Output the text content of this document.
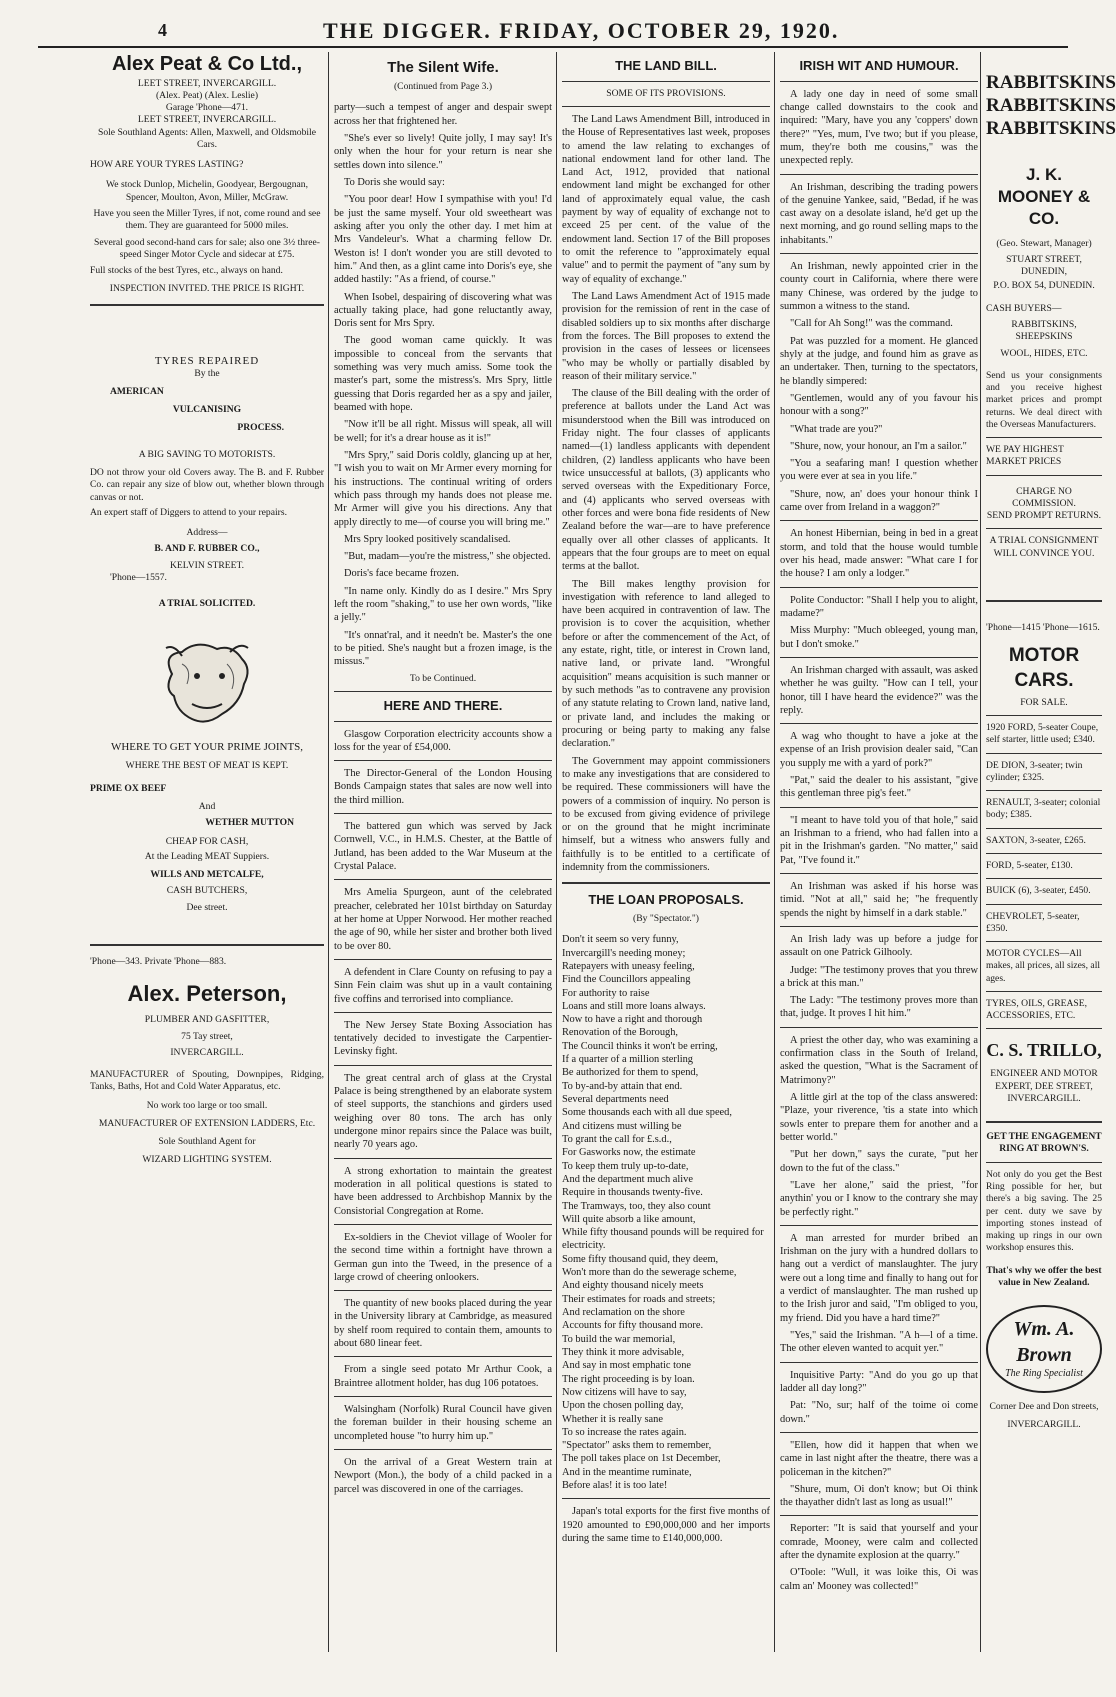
4	THE DIGGER. FRIDAY, OCTOBER 29, 1920.
Alex Peat & Co Ltd.,
LEET STREET, INVERCARGILL.
(Alex. Peat) (Alex. Leslie)
Garage 'Phone—471.
LEET STREET, INVERCARGILL.
Sole Southland Agents: Allen, Maxwell, and Oldsmobile Cars.
HOW ARE YOUR TYRES LASTING?
We stock Dunlop, Michelin, Goodyear, Bergougnan, Spencer, Moulton, Avon, Miller, McGraw.
Have you seen the Miller Tyres, if not, come round and see them. They are guaranteed for 5000 miles.
Several good second-hand cars for sale; also one 3½ three-speed Singer Motor Cycle and sidecar at £75.
Full stocks of the best Tyres, etc., always on hand.
INSPECTION INVITED. THE PRICE IS RIGHT.
TYRES REPAIRED
By the
AMERICAN
VULCANISING
PROCESS.
A BIG SAVING TO MOTORISTS.
DO not throw your old Covers away. The B. and F. Rubber Co. can repair any size of blow out, whether blown through canvas or not.
An expert staff of Diggers to attend to your repairs.
Address—
B. AND F. RUBBER CO.,
KELVIN STREET.
'Phone—1557.
A TRIAL SOLICITED.
WHERE TO GET YOUR PRIME JOINTS,
WHERE THE BEST OF MEAT IS KEPT.
PRIME OX BEEF
And
WETHER MUTTON
CHEAP FOR CASH,
At the Leading MEAT Suppiers.
WILLS AND METCALFE,
CASH BUTCHERS,
Dee street.
'Phone—343. Private 'Phone—883.
Alex. Peterson,
PLUMBER AND GASFITTER,
75 Tay street,
INVERCARGILL.
MANUFACTURER of Spouting, Downpipes, Ridging, Tanks, Baths, Hot and Cold Water Apparatus, etc.
No work too large or too small.
MANUFACTURER OF EXTENSION LADDERS, Etc.
Sole Southland Agent for
WIZARD LIGHTING SYSTEM.
The Silent Wife.
(Continued from Page 3.)

party—such a tempest of anger and despair swept across her that frightened her.

"She's ever so lively! Quite jolly, I may say! It's only when the hour for your return is near she settles down into silence."

To Doris she would say:

"You poor dear! How I sympathise with you! I'd be just the same myself. Your old sweetheart was asking after you only the other day. I met him at Mrs Vandeleur's. What a charming fellow Dr. Weston is! I don't wonder you are still devoted to him." And then, as a glint came into Doris's eye, she added hastily: "As a friend, of course."

When Isobel, despairing of discovering what was actually taking place, had gone reluctantly away, Doris sent for Mrs Spry.

The good woman came quickly. It was impossible to conceal from the servants that something was very much amiss. Some took the master's part, some the mistress's. Mrs Spry, little guessing that Doris regarded her as a spy and jailer, beamed with hope.

"Now it'll be all right. Missus will speak, all will be well; for it's a drear house as it is!"

"Mrs Spry," said Doris coldly, glancing up at her, "I wish you to wait on Mr Armer every morning for his instructions. The continual writing of orders which pass through my hands does not please me. Mr Armer will give you his directions. Any that apply directly to me—of course you will bring me."

Mrs Spry looked positively scandalised.

"But, madam—you're the mistress," she objected.

Doris's face became frozen.

"In name only. Kindly do as I desire." Mrs Spry left the room "shaking," to use her own words, "like a jelly."

"It's onnat'ral, and it needn't be. Master's the one to be pitied. She's naught but a frozen image, is the missus."

To be Continued.
HERE AND THERE.

Glasgow Corporation electricity accounts show a loss for the year of £54,000.

The Director-General of the London Housing Bonds Campaign states that sales are now well into the third million.

The battered gun which was served by Jack Cornwell, V.C., in H.M.S. Chester, at the Battle of Jutland, has been added to the War Museum at the Crystal Palace.

Mrs Amelia Spurgeon, aunt of the celebrated preacher, celebrated her 101st birthday on Saturday at her home at Upper Norwood. Her mother reached the age of 90, while her sister and brother both lived to be over 80.

A defendent in Clare County on refusing to pay a Sinn Fein claim was shut up in a vault containing five coffins and terrorised into compliance.

The New Jersey State Boxing Association has tentatively decided to investigate the Carpentier-Levinsky fight.

The great central arch of glass at the Crystal Palace is being strengthened by an elaborate system of steel supports, the stanchions and girders used weighing over 80 tons. The arch has only undergone minor repairs since the Palace was built, nearly 70 years ago.

A strong exhortation to maintain the greatest moderation in all political questions is stated to have been addressed to Archbishop Mannix by the Consistorial Congregation at Rome.

Ex-soldiers in the Cheviot village of Wooler for the second time within a fortnight have thrown a German gun into the Tweed, in the presence of a large crowd of cheering onlookers.

The quantity of new books placed during the year in the University library at Cambridge, as measured by shelf room required to contain them, amounts to about 680 linear feet.

From a single seed potato Mr Arthur Cook, a Braintree allotment holder, has dug 106 potatoes.

Walsingham (Norfolk) Rural Council have given the foreman builder in their housing scheme an uncompleted house "to hurry him up."

On the arrival of a Great Western train at Newport (Mon.), the body of a child packed in a parcel was discovered in one of the carriages.

THE LAND BILL.
SOME OF ITS PROVISIONS.

The Land Laws Amendment Bill, introduced in the House of Representatives last week, proposes to amend the law relating to exchanges of national endowment land for other land. The Land Act, 1912, provided that national endowment land might be exchanged for other land of approximately equal value, the cash payment by way of equality of exchange not to exceed 25 per cent. of the value of the endowment land. Section 17 of the Bill proposes to omit the reference to "approximately equal value" and to permit the payment of "any sum by way of equality of exchange."

The Land Laws Amendment Act of 1915 made provision for the remission of rent in the case of disabled soldiers up to six months after discharge from the forces. The Bill proposes to extend the provision in the cases of lessees or licensees "who may be wholly or partially disabled by reason of their military service."

The clause of the Bill dealing with the order of preference at ballots under the Land Act was misunderstood when the Bill was introduced on Friday night. The four classes of applicants named—(1) landless applicants with dependent children, (2) landless applicants who have been twice unsuccessful at ballots, (3) applicants who served overseas with the Expeditionary Force, and (4) applicants who served overseas with other forces and were bona fide residents of New Zealand before the war—are to have preference equally over all other classes of applicants. It appears that the four groups are to meet on equal terms at the ballot.

The Bill makes lengthy provision for investigation with reference to land alleged to have been acquired in contravention of law. The provision is to cover the acquisition, whether before or after the commencement of the Act, of any estate, right, title, or interest in Crown land, native land, or private land. "Wrongful acquisition" means acquisition is such manner or by such methods "as to contravene any provision of any statute relating to Crown land, native land, or private land, and includes the making or procuring or being party to making any false declaration."

The Government may appoint commissioners to make any investigations that are considered to be required. These commissioners will have the powers of a commission of inquiry. No person is to be excused from giving evidence of privilege or on the ground that he might incriminate himself, but a witness who answers fully and faithfully is to be entitled to a certificate of indemnity from the commissioners.

THE LOAN PROPOSALS.
(By "Spectator.")

Don't it seem so very funny,

Invercargill's needing money;

Ratepayers with uneasy feeling,

Find the Councillors appealing

For authority to raise

Loans and still more loans always.

Now to have a right and thorough

Renovation of the Borough,

The Council thinks it won't be erring,

If a quarter of a million sterling

Be authorized for them to spend,

To by-and-by attain that end.

Several departments need

Some thousands each with all due speed,

And citizens must willing be

To grant the call for £.s.d.,

For Gasworks now, the estimate

To keep them truly up-to-date,

And the department much alive

Require in thousands twenty-five.

The Tramways, too, they also count

Will quite absorb a like amount,

While fifty thousand pounds will be required for electricity.

Some fifty thousand quid, they deem,

Won't more than do the sewerage scheme,

And eighty thousand nicely meets

Their estimates for roads and streets;

And reclamation on the shore

Accounts for fifty thousand more.

To build the war memorial,

They think it more advisable,

And say in most emphatic tone

The right proceeding is by loan.

Now citizens will have to say,

Upon the chosen polling day,

Whether it is really sane

To so increase the rates again.

"Spectator" asks them to remember,

The poll takes place on 1st December,

And in the meantime ruminate,

Before alas! it is too late!

Japan's total exports for the first five months of 1920 amounted to £90,000,000 and her imports during the same time to £140,000,000.

IRISH WIT AND HUMOUR.

A lady one day in need of some small change called downstairs to the cook and inquired: "Mary, have you any 'coppers' down there?" "Yes, mum, I've two; but if you please, mum, they're both me cousins," was the unexpected reply.

An Irishman, describing the trading powers of the genuine Yankee, said, "Bedad, if he was cast away on a desolate island, he'd get up the next morning, and go round selling maps to the inhabitants."

An Irishman, newly appointed crier in the county court in California, where there were many Chinese, was ordered by the judge to summon a witness to the stand.

"Call for Ah Song!" was the command.

Pat was puzzled for a moment. He glanced shyly at the judge, and found him as grave as an undertaker. Then, turning to the spectators, he blandly simpered:

"Gentlemen, would any of you favour his honour with a song?"

"What trade are you?"

"Shure, now, your honour, an I'm a sailor."

"You a seafaring man! I question whether you were ever at sea in you life."

"Shure, now, an' does your honour think I came over from Ireland in a waggon?"

An honest Hibernian, being in bed in a great storm, and told that the house would tumble over his head, made answer: "What care I for the house? I am only a lodger."

Polite Conductor: "Shall I help you to alight, madame?"

Miss Murphy: "Much obleeged, young man, but I don't smoke."

An Irishman charged with assault, was asked whether he was guilty. "How can I tell, your honor, till I have heard the evidence?" was the reply.

A wag who thought to have a joke at the expense of an Irish provision dealer said, "Can you supply me with a yard of pork?"

"Pat," said the dealer to his assistant, "give this gentleman three pig's feet."

"I meant to have told you of that hole," said an Irishman to a friend, who had fallen into a pit in the Irishman's garden. "No matter," said Pat, "I've found it."

An Irishman was asked if his horse was timid. "Not at all," said he; "he frequently spends the night by himself in a dark stable."

An Irish lady was up before a judge for assault on one Patrick Gilhooly.

Judge: "The testimony proves that you threw a brick at this man."

The Lady: "The testimony proves more than that, judge. It proves I hit him."

A priest the other day, who was examining a confirmation class in the South of Ireland, asked the question, "What is the Sacrament of Matrimony?"

A little girl at the top of the class answered: "Plaze, your riverence, 'tis a state into which sowls enter to prepare them for another and a better world."

"Put her down," says the curate, "put her down to the fut of the class."

"Lave her alone," said the priest, "for anythin' you or I know to the contrary she may be perfectly right."

A man arrested for murder bribed an Irishman on the jury with a hundred dollars to hang out a verdict of manslaughter. The jury were out a long time and finally to hang out for a verdict of manslaughter. The man rushed up to the Irish juror and said, "I'm obliged to you, my friend. Did you have a hard time?"

"Yes," said the Irishman. "A h—l of a time. The other eleven wanted to acquit yer."

Inquisitive Party: "And do you go up that ladder all day long?"

Pat: "No, sur; half of the toime oi come down."

"Ellen, how did it happen that when we came in last night after the theatre, there was a policeman in the kitchen?"

"Shure, mum, Oi don't know; but Oi think the thayather didn't last as long as usual!"

Reporter: "It is said that yourself and your comrade, Mooney, were calm and collected after the dynamite explosion at the quarry."

O'Toole: "Wull, it was loike this, Oi was calm an' Mooney was collected!"

RABBITSKINS
RABBITSKINS
RABBITSKINS
J. K. MOONEY & CO.
(Geo. Stewart, Manager)
STUART STREET, DUNEDIN,
P.O. BOX 54, DUNEDIN.
CASH BUYERS—
RABBITSKINS, SHEEPSKINS
WOOL, HIDES, ETC.
Send us your consignments and you receive highest market prices and prompt returns. We deal direct with the Overseas Manufacturers.
WE PAY HIGHEST MARKET PRICES
CHARGE NO COMMISSION.
SEND PROMPT RETURNS.
A TRIAL CONSIGNMENT WILL CONVINCE YOU.
'Phone—1415 'Phone—1615.
MOTOR CARS.
FOR SALE.
1920 FORD, 5-seater Coupe, self starter, little used; £340.
DE DION, 3-seater; twin cylinder; £325.
RENAULT, 3-seater; colonial body; £385.
SAXTON, 3-seater, £265.
FORD, 5-seater, £130.
BUICK (6), 3-seater, £450.
CHEVROLET, 5-seater, £350.
MOTOR CYCLES—All makes, all prices, all sizes, all ages.
TYRES, OILS, GREASE, ACCESSORIES, ETC.
C. S. TRILLO,
ENGINEER AND MOTOR EXPERT, DEE STREET, INVERCARGILL.
GET THE ENGAGEMENT RING AT BROWN'S.
Not only do you get the Best Ring possible for her, but there's a big saving. The 25 per cent. duty we save by importing stones instead of making up rings in our own workshop ensures this.
That's why we offer the best value in New Zealand.
Wm. A. Brown
The Ring Specialist
Corner Dee and Don streets,
INVERCARGILL.
